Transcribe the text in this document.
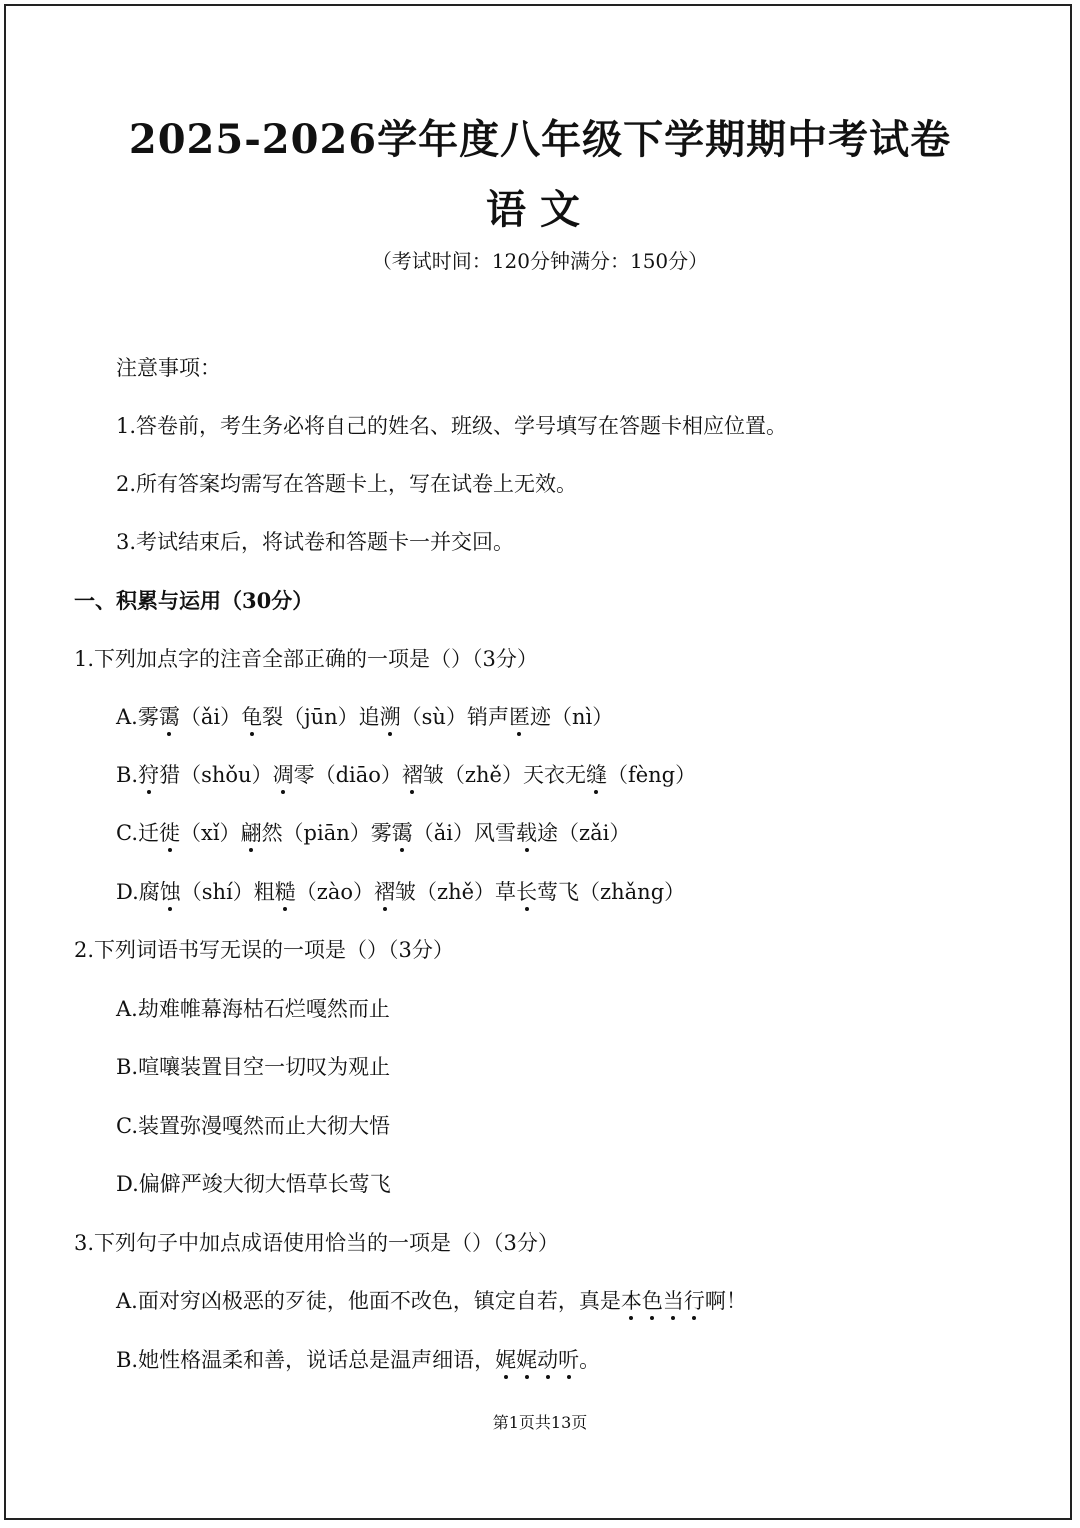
2025-2026学年度八年级下学期期中考试卷
语文
（考试时间：120分钟满分：150分）
注意事项：
1.答卷前，考生务必将自己的姓名、班级、学号填写在答题卡相应位置。
2.所有答案均需写在答题卡上，写在试卷上无效。
3.考试结束后，将试卷和答题卡一并交回。
一、积累与运用（30分）
1.下列加点字的注音全部正确的一项是（）（3分）
A.雾霭（ǎi）龟裂（jūn）追溯（sù）销声匿迹（nì）
B.狩猎（shǒu）凋零（diāo）褶皱（zhě）天衣无缝（fèng）
C.迁徙（xǐ）翩然（piān）雾霭（ǎi）风雪载途（zǎi）
D.腐蚀（shí）粗糙（zào）褶皱（zhě）草长莺飞（zhǎng）
2.下列词语书写无误的一项是（）（3分）
A.劫难帷幕海枯石烂嘎然而止
B.喧嚷装置目空一切叹为观止
C.装置弥漫嘎然而止大彻大悟
D.偏僻严竣大彻大悟草长莺飞
3.下列句子中加点成语使用恰当的一项是（）（3分）
A.面对穷凶极恶的歹徒，他面不改色，镇定自若，真是本色当行啊！
B.她性格温柔和善，说话总是温声细语，娓娓动听。
第1页共13页
